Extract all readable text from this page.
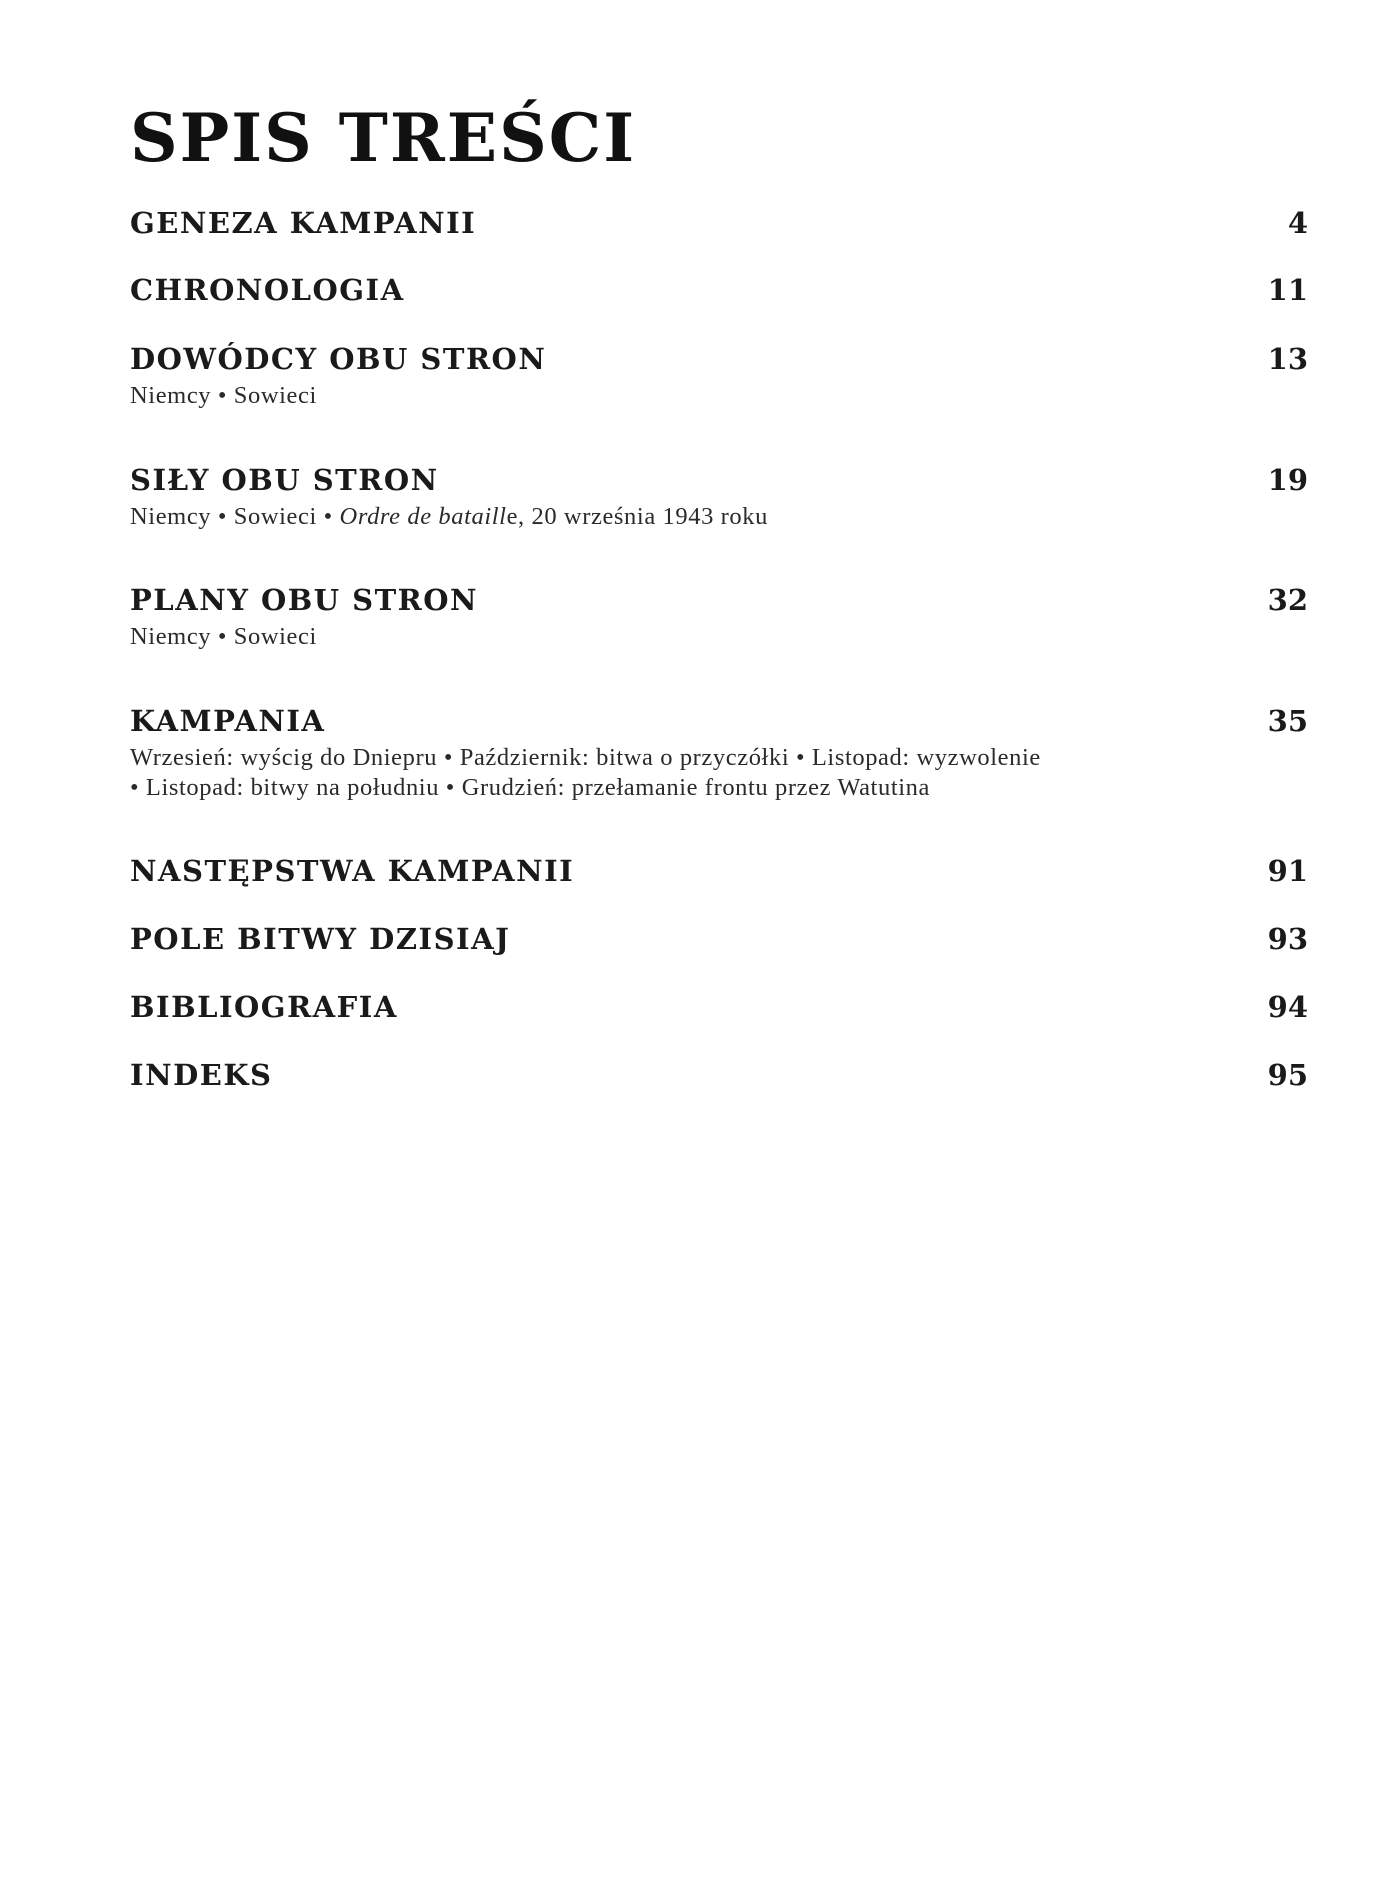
SPIS TREŚCI
GENEZA KAMPANII	4
CHRONOLOGIA	11
DOWÓDCY OBU STRON	13
Niemcy • Sowieci
SIŁY OBU STRON	19
Niemcy • Sowieci • Ordre de bataille, 20 września 1943 roku
PLANY OBU STRON	32
Niemcy • Sowieci
KAMPANIA	35
Wrzesień: wyścig do Dniepru • Październik: bitwa o przyczółki • Listopad: wyzwolenie
• Listopad: bitwy na południu • Grudzień: przełamanie frontu przez Watutina
NASTĘPSTWA KAMPANII	91
POLE BITWY DZISIAJ	93
BIBLIOGRAFIA	94
INDEKS	95
